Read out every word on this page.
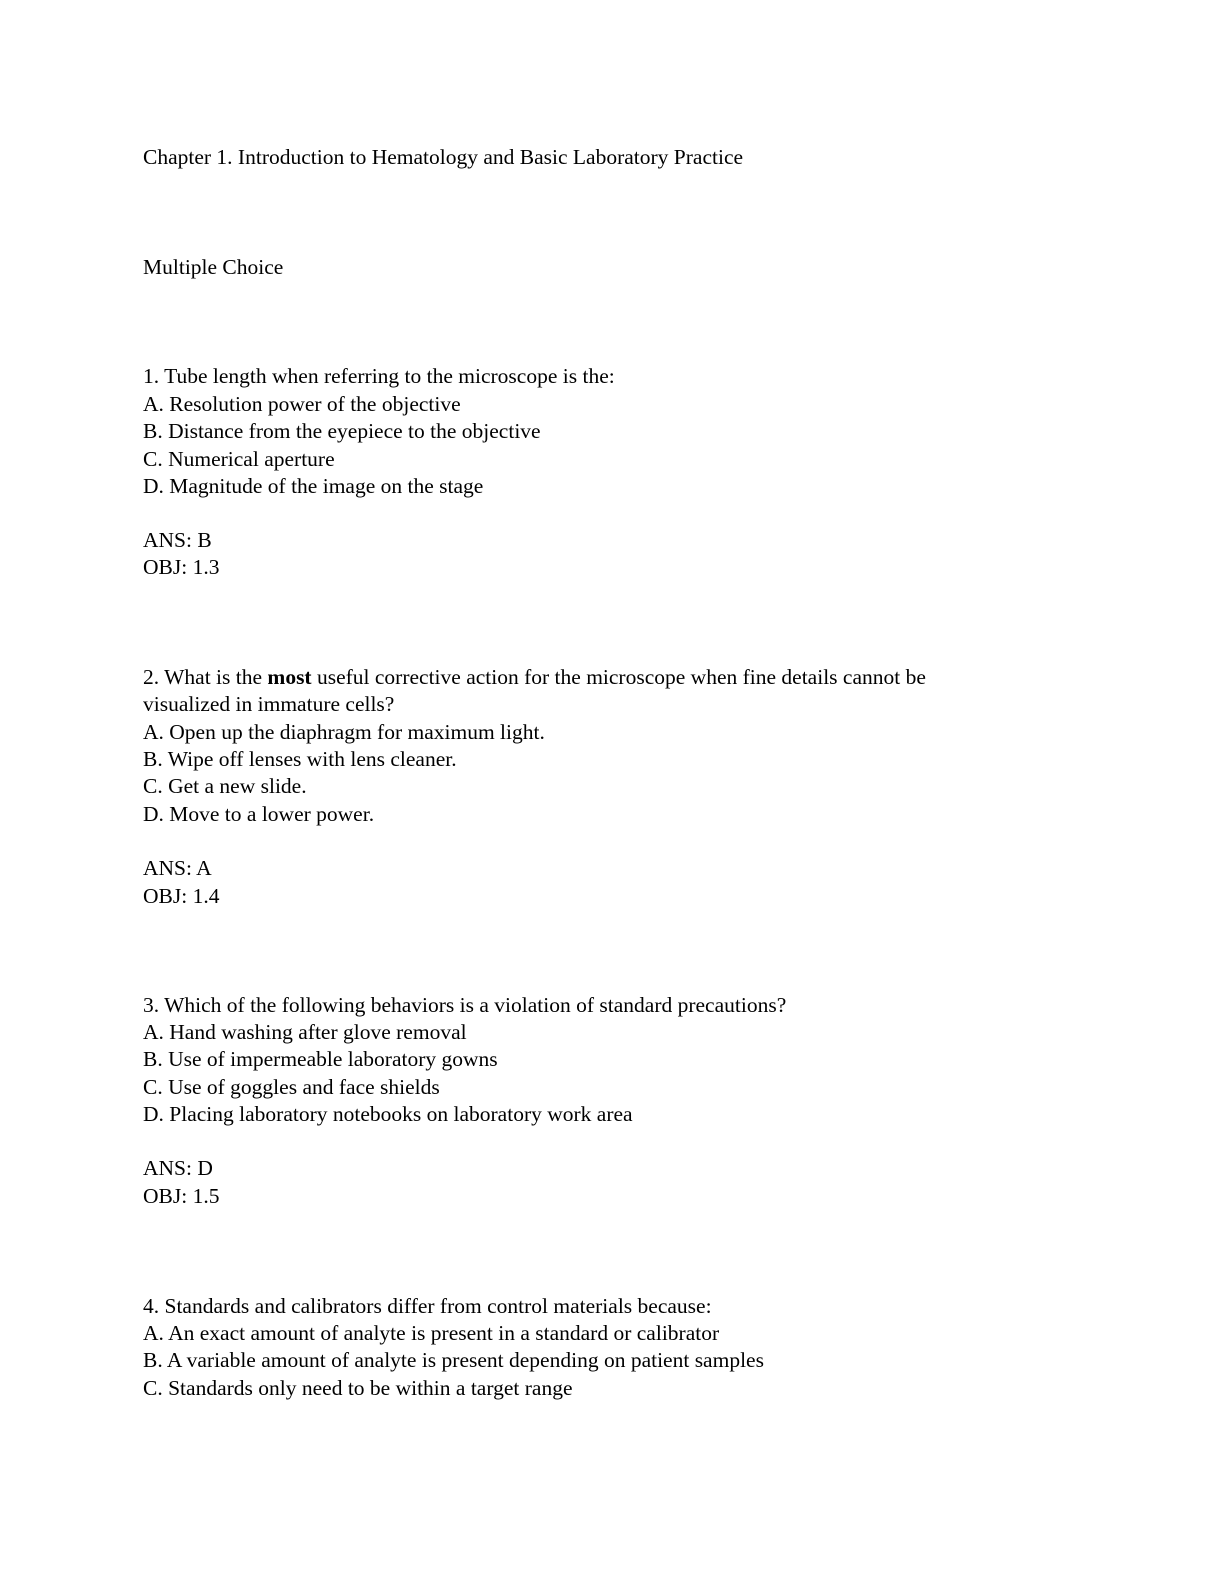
Chapter 1. Introduction to Hematology and Basic Laboratory Practice
Multiple Choice
1. Tube length when referring to the microscope is the:
A. Resolution power of the objective
B. Distance from the eyepiece to the objective
C. Numerical aperture
D. Magnitude of the image on the stage
ANS: B
OBJ: 1.3
2. What is the most useful corrective action for the microscope when fine details cannot be
visualized in immature cells?
A. Open up the diaphragm for maximum light.
B. Wipe off lenses with lens cleaner.
C. Get a new slide.
D. Move to a lower power.
ANS: A
OBJ: 1.4
3. Which of the following behaviors is a violation of standard precautions?
A. Hand washing after glove removal
B. Use of impermeable laboratory gowns
C. Use of goggles and face shields
D. Placing laboratory notebooks on laboratory work area
ANS: D
OBJ: 1.5
4. Standards and calibrators differ from control materials because:
A. An exact amount of analyte is present in a standard or calibrator
B. A variable amount of analyte is present depending on patient samples
C. Standards only need to be within a target range
